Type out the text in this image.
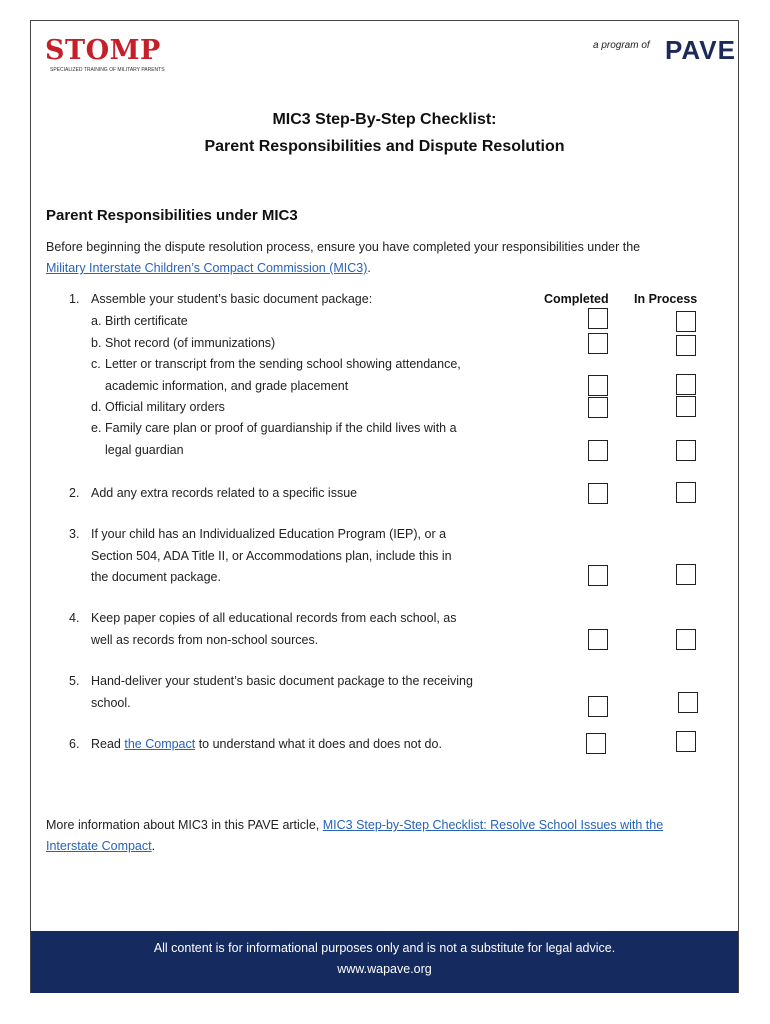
STOMP
SPECIALIZED TRAINING OF MILITARY PARENTS
a program of PAVE
MIC3 Step-By-Step Checklist:
Parent Responsibilities and Dispute Resolution
Parent Responsibilities under MIC3
Before beginning the dispute resolution process, ensure you have completed your responsibilities under the
Military Interstate Children’s Compact Commission (MIC3).
Completed In Process
1. Assemble your student’s basic document package:
a. Birth certificate
b. Shot record (of immunizations)
c. Letter or transcript from the sending school showing attendance,
academic information, and grade placement
d. Official military orders
e. Family care plan or proof of guardianship if the child lives with a
legal guardian
2. Add any extra records related to a specific issue
3. If your child has an Individualized Education Program (IEP), or a
Section 504, ADA Title II, or Accommodations plan, include this in
the document package.
4. Keep paper copies of all educational records from each school, as
well as records from non-school sources.
5. Hand-deliver your student’s basic document package to the receiving
school.
6. Read the Compact to understand what it does and does not do.
More information about MIC3 in this PAVE article, MIC3 Step-by-Step Checklist: Resolve School Issues with the
Interstate Compact.
All content is for informational purposes only and is not a substitute for legal advice.
www.wapave.org
